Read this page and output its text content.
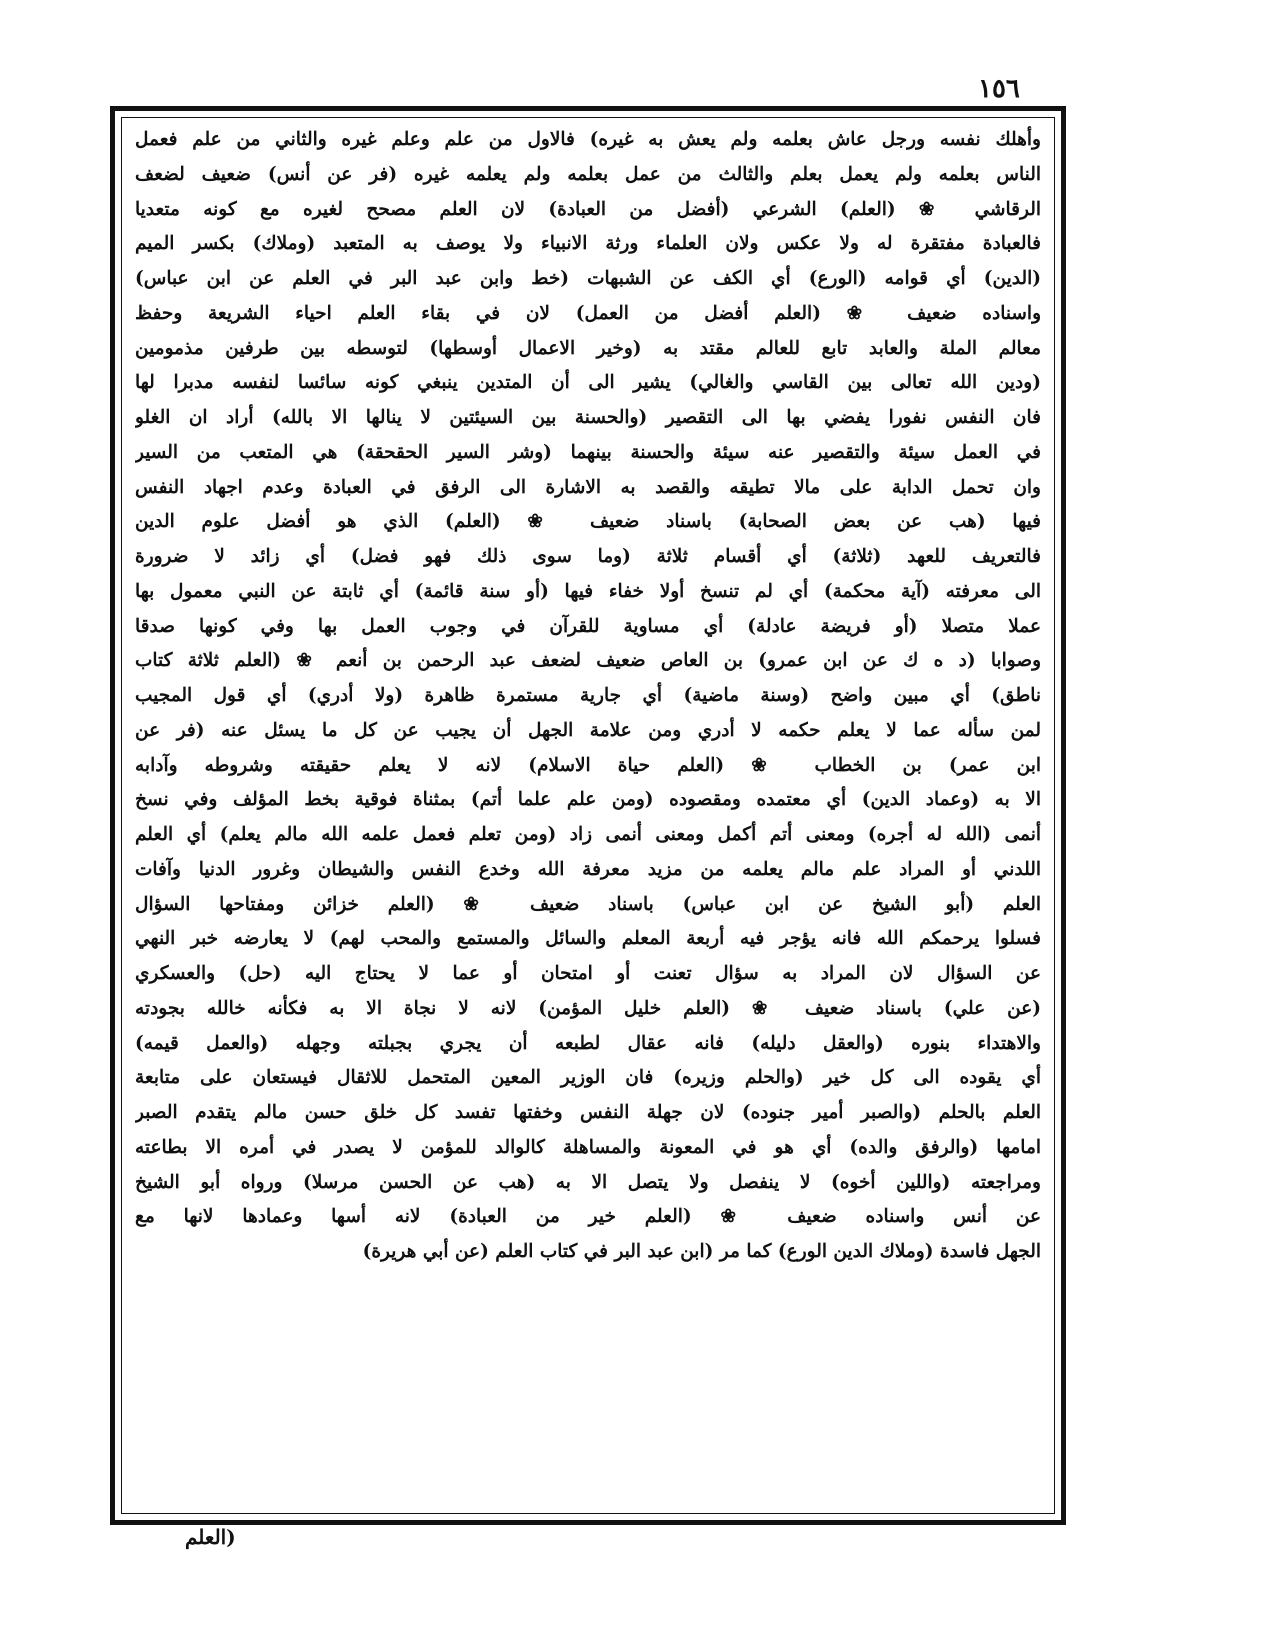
١٥٦
وأهلك نفسه ورجل عاش بعلمه ولم يعش به غيره) فالاول من علم وعلم غيره والثاني من علم فعمل
الناس بعلمه ولم يعمل بعلم والثالث من عمل بعلمه ولم يعلمه غيره (فر عن أنس) ضعيف لضعف
الرقاشي ❀ (العلم) الشرعي (أفضل من العبادة) لان العلم مصحح لغيره مع كونه متعديا
فالعبادة مفتقرة له ولا عكس ولان العلماء ورثة الانبياء ولا يوصف به المتعبد (وملاك) بكسر الميم
(الدين) أي قوامه (الورع) أي الكف عن الشبهات (خط وابن عبد البر في العلم عن ابن عباس)
واسناده ضعيف ❀ (العلم أفضل من العمل) لان في بقاء العلم احياء الشريعة وحفظ
معالم الملة والعابد تابع للعالم مقتد به (وخير الاعمال أوسطها) لتوسطه بين طرفين مذمومين
(ودين الله تعالى بين القاسي والغالي) يشير الى أن المتدين ينبغي كونه سائسا لنفسه مدبرا لها
فان النفس نفورا يفضي بها الى التقصير (والحسنة بين السيئتين لا ينالها الا بالله) أراد ان الغلو
في العمل سيئة والتقصير عنه سيئة والحسنة بينهما (وشر السير الحقحقة) هي المتعب من السير
وان تحمل الدابة على مالا تطيقه والقصد به الاشارة الى الرفق في العبادة وعدم اجهاد النفس
فيها (هب عن بعض الصحابة) باسناد ضعيف ❀ (العلم) الذي هو أفضل علوم الدين
فالتعريف للعهد (ثلاثة) أي أقسام ثلاثة (وما سوى ذلك فهو فضل) أي زائد لا ضرورة
الى معرفته (آية محكمة) أي لم تنسخ أولا خفاء فيها (أو سنة قائمة) أي ثابتة عن النبي معمول بها
عملا متصلا (أو فريضة عادلة) أي مساوية للقرآن في وجوب العمل بها وفي كونها صدقا
وصوابا (د ه ك عن ابن عمرو) بن العاص ضعيف لضعف عبد الرحمن بن أنعم ❀ (العلم ثلاثة كتاب
ناطق) أي مبين واضح (وسنة ماضية) أي جارية مستمرة ظاهرة (ولا أدري) أي قول المجيب
لمن سأله عما لا يعلم حكمه لا أدري ومن علامة الجهل أن يجيب عن كل ما يسئل عنه (فر عن
ابن عمر) بن الخطاب ❀ (العلم حياة الاسلام) لانه لا يعلم حقيقته وشروطه وآدابه
الا به (وعماد الدين) أي معتمده ومقصوده (ومن علم علما أتم) بمثناة فوقية بخط المؤلف وفي نسخ
أنمى (الله له أجره) ومعنى أتم أكمل ومعنى أنمى زاد (ومن تعلم فعمل علمه الله مالم يعلم) أي العلم
اللدني أو المراد علم مالم يعلمه من مزيد معرفة الله وخدع النفس والشيطان وغرور الدنيا وآفات
العلم (أبو الشيخ عن ابن عباس) باسناد ضعيف ❀ (العلم خزائن ومفتاحها السؤال
فسلوا يرحمكم الله فانه يؤجر فيه أربعة المعلم والسائل والمستمع والمحب لهم) لا يعارضه خبر النهي
عن السؤال لان المراد به سؤال تعنت أو امتحان أو عما لا يحتاج اليه (حل) والعسكري
(عن علي) باسناد ضعيف ❀ (العلم خليل المؤمن) لانه لا نجاة الا به فكأنه خالله بجودته
والاهتداء بنوره (والعقل دليله) فانه عقال لطبعه أن يجري بجبلته وجهله (والعمل قيمه)
أي يقوده الى كل خير (والحلم وزيره) فان الوزير المعين المتحمل للاثقال فيستعان على متابعة
العلم بالحلم (والصبر أمير جنوده) لان جهلة النفس وخفتها تفسد كل خلق حسن مالم يتقدم الصبر
امامها (والرفق والده) أي هو في المعونة والمساهلة كالوالد للمؤمن لا يصدر في أمره الا بطاعته
ومراجعته (واللين أخوه) لا ينفصل ولا يتصل الا به (هب عن الحسن مرسلا) ورواه أبو الشيخ
عن أنس واسناده ضعيف ❀ (العلم خير من العبادة) لانه أسها وعمادها لانها مع
الجهل فاسدة (وملاك الدين الورع) كما مر (ابن عبد البر في كتاب العلم (عن أبي هريرة)
(العلم
